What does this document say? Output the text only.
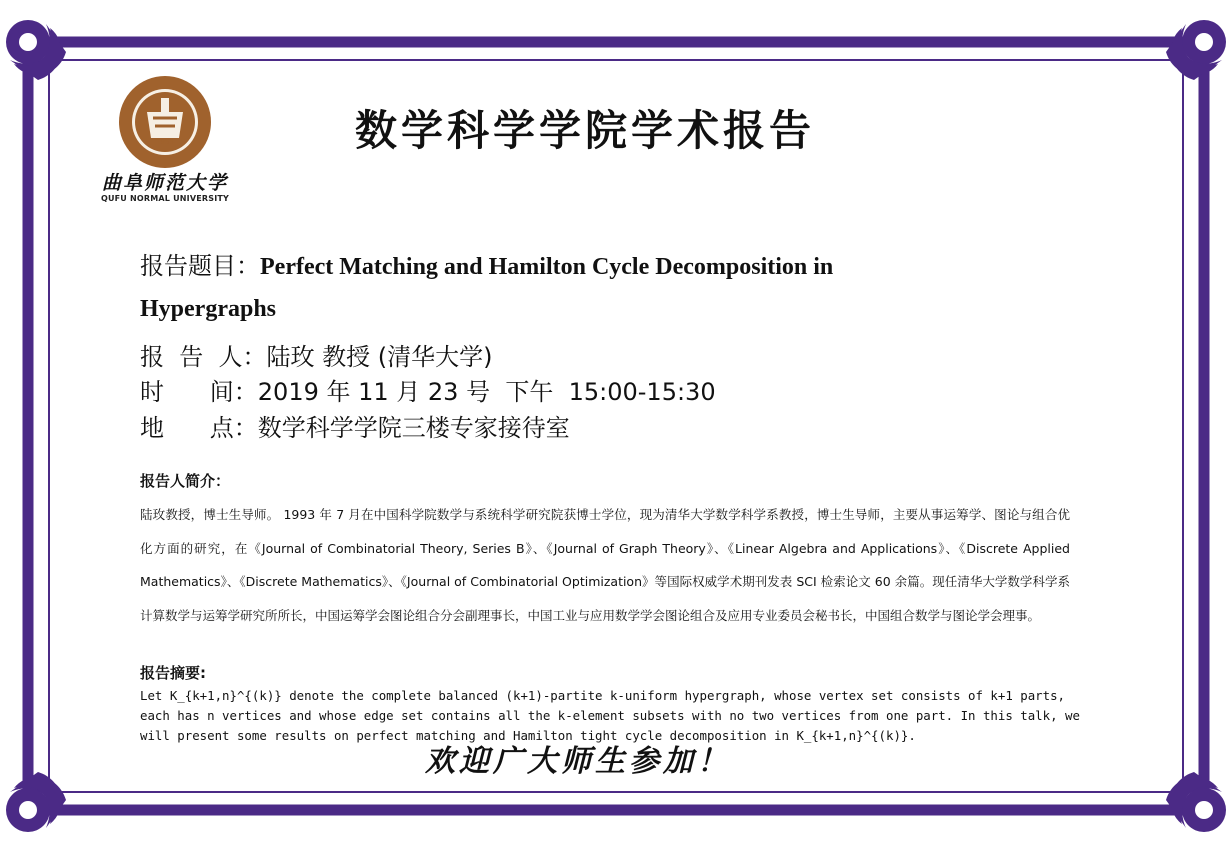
1955
曲阜师范大学
QUFU NORMAL UNIVERSITY
数学科学学院学术报告
报告题目：Perfect Matching and Hamilton Cycle Decomposition in
Hypergraphs
报  告  人：陆玫 教授 (清华大学)
时      间：2019 年 11 月 23 号  下午  15:00-15:30
地      点：数学科学学院三楼专家接待室
报告人简介：
陆玫教授，博士生导师。 1993 年 7 月在中国科学院数学与系统科学研究院获博士学位，现为清华大学数学科学系教授，博士生导师，主要从事运筹学、图论与组合优化方面的研究，在《Journal of Combinatorial Theory, Series B》、《Journal of Graph Theory》、《Linear Algebra and Applications》、《Discrete Applied Mathematics》、《Discrete Mathematics》、《Journal of Combinatorial Optimization》等国际权威学术期刊发表 SCI 检索论文 60 余篇。现任清华大学数学科学系计算数学与运筹学研究所所长，中国运筹学会图论组合分会副理事长，中国工业与应用数学学会图论组合及应用专业委员会秘书长，中国组合数学与图论学会理事。
报告摘要:
Let K_{k+1,n}^{(k)} denote the complete balanced (k+1)-partite k-uniform hypergraph, whose vertex set consists of k+1 parts, each has n vertices and whose edge set contains all the k-element subsets with no two vertices from one part. In this talk, we will present some results on perfect matching and Hamilton tight cycle decomposition in K_{k+1,n}^{(k)}.
欢迎广大师生参加！
